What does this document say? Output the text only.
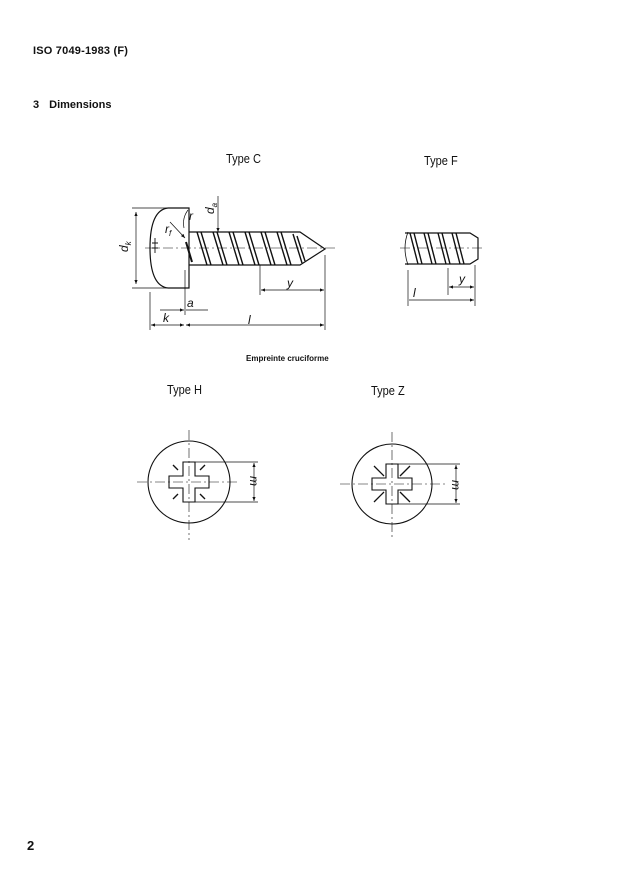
ISO 7049-1983 (F)
3 Dimensions
Type C	Type F
Empreinte cruciforme
Type H	Type Z
$d_k$
$d_a$
r
$r_f$
a
k	l
y	y
l
m	m
2
